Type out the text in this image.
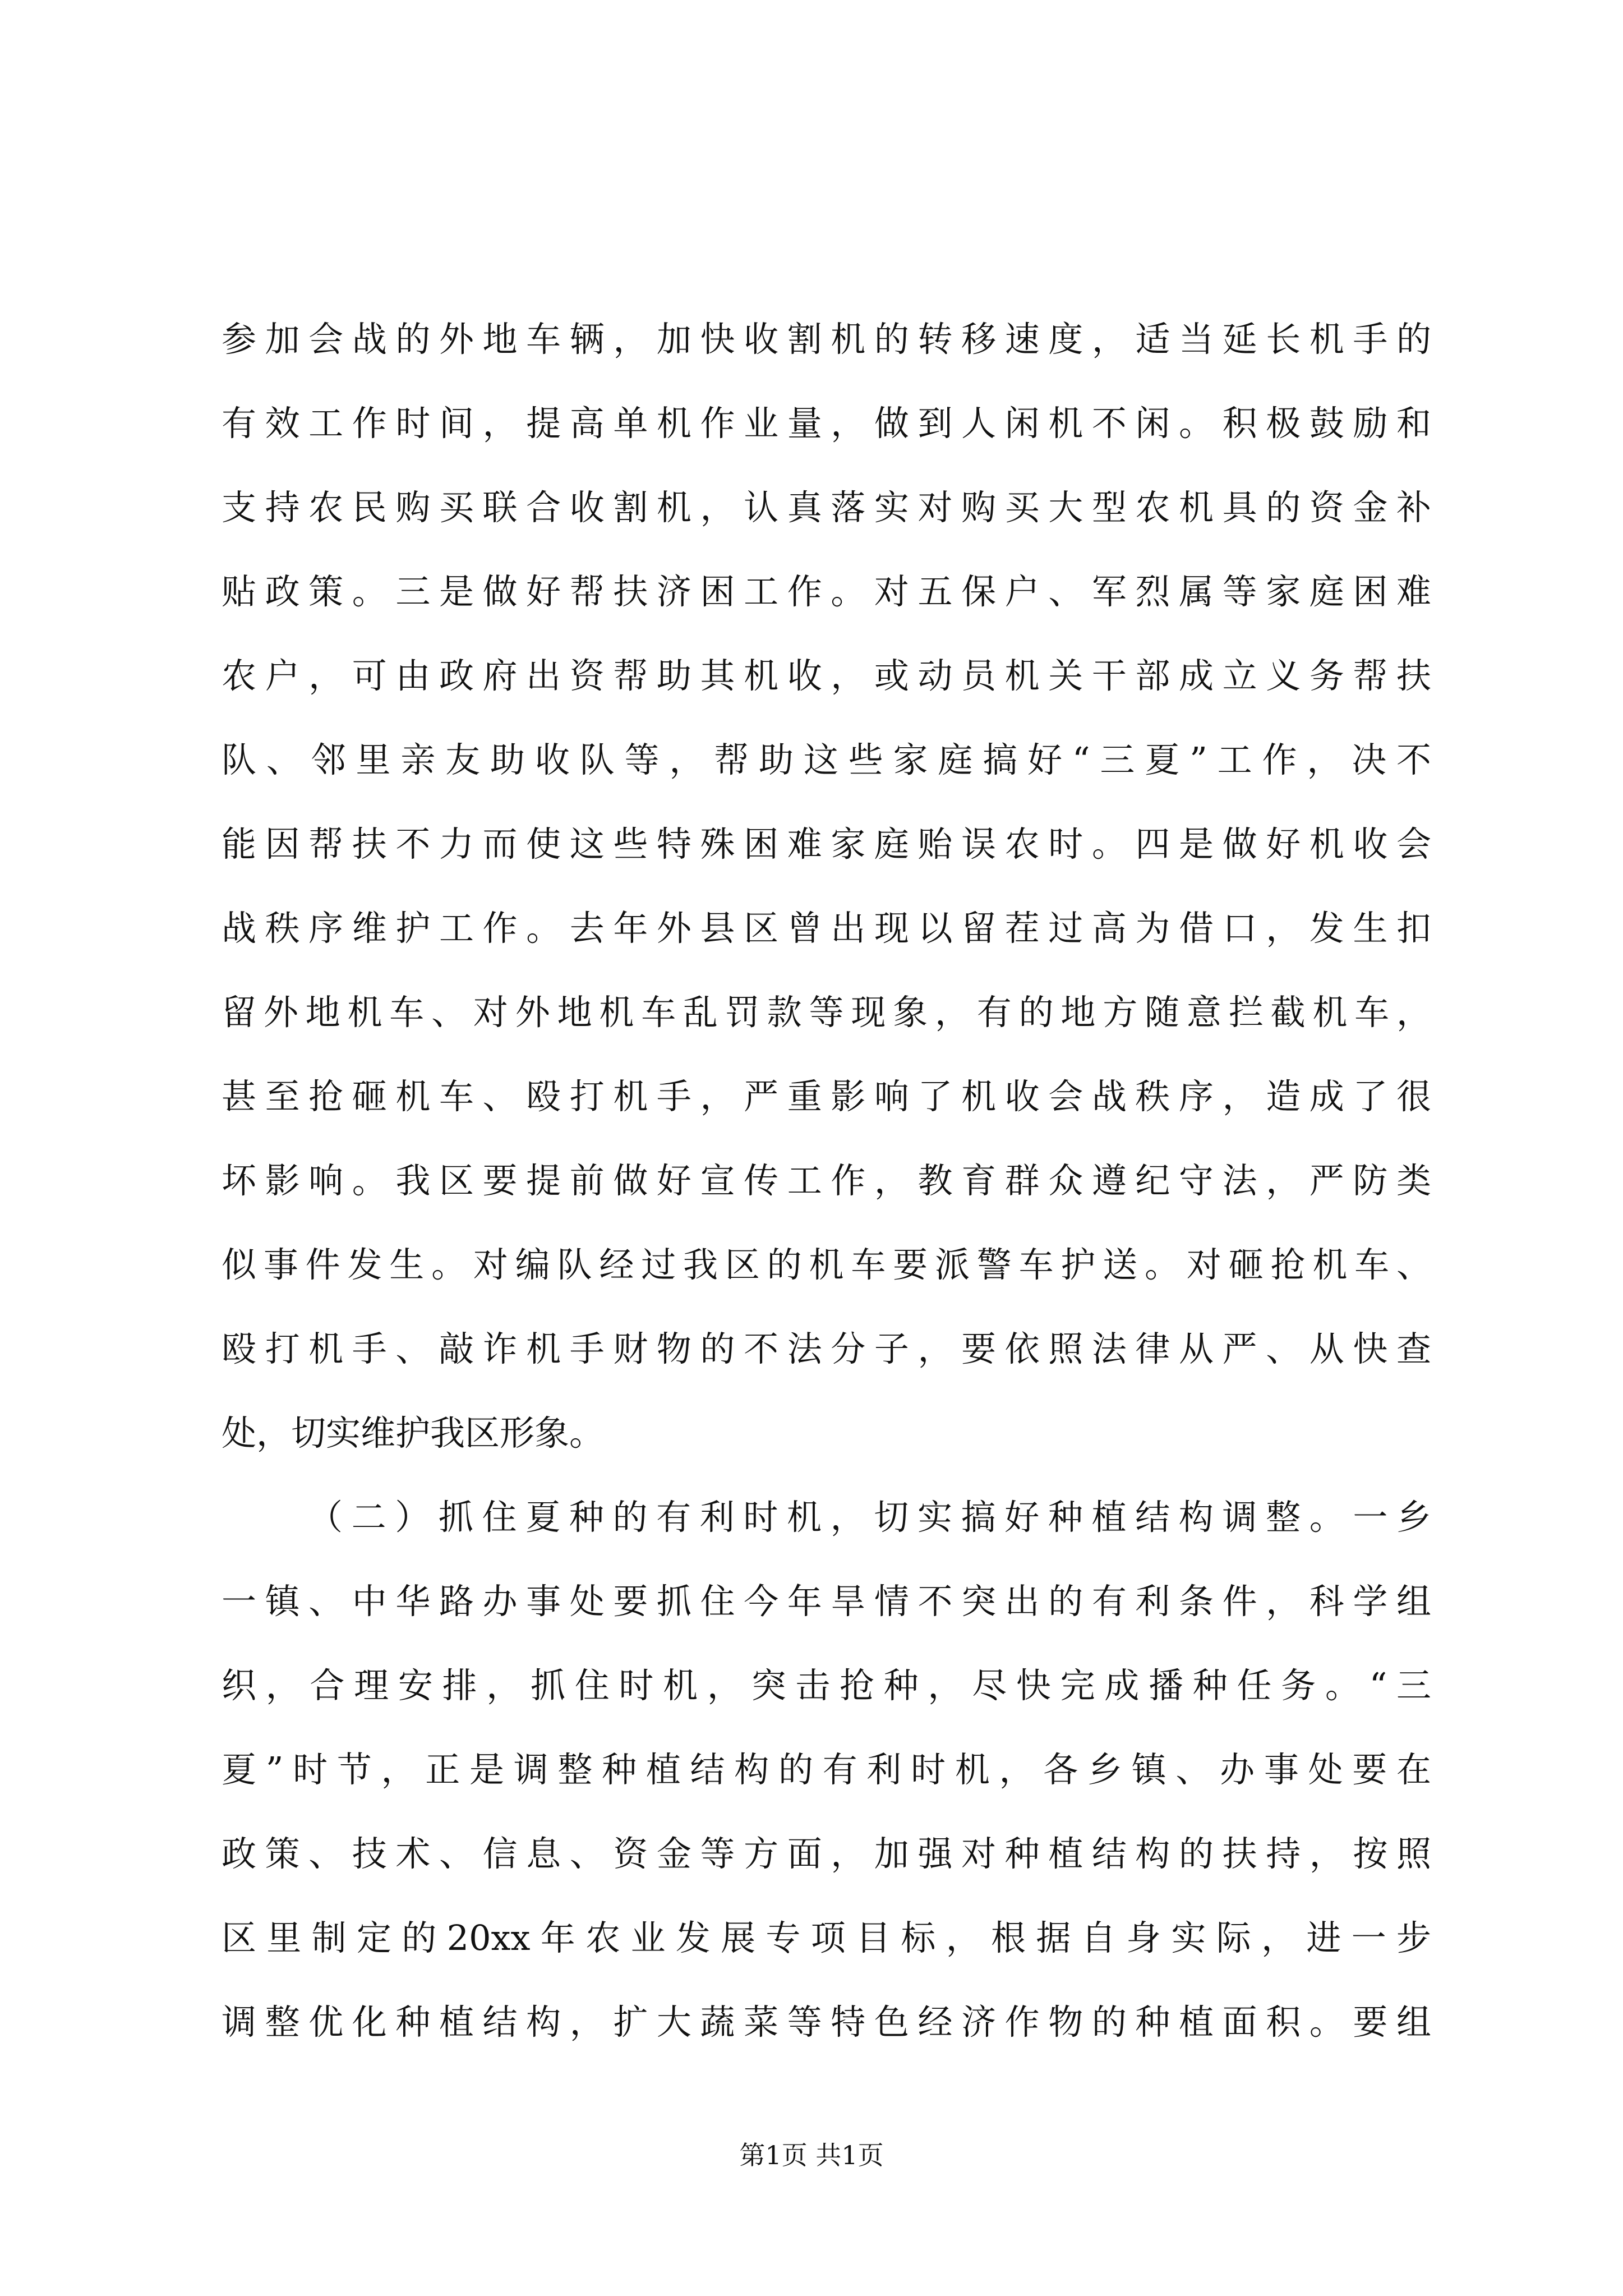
参加会战的外地车辆，加快收割机的转移速度，适当延长机手的
有效工作时间，提高单机作业量，做到人闲机不闲。积极鼓励和
支持农民购买联合收割机，认真落实对购买大型农机具的资金补
贴政策。三是做好帮扶济困工作。对五保户、军烈属等家庭困难
农户，可由政府出资帮助其机收，或动员机关干部成立义务帮扶
队、邻里亲友助收队等，帮助这些家庭搞好“三夏”工作，决不
能因帮扶不力而使这些特殊困难家庭贻误农时。四是做好机收会
战秩序维护工作。去年外县区曾出现以留茬过高为借口，发生扣
留外地机车、对外地机车乱罚款等现象，有的地方随意拦截机车，
甚至抢砸机车、殴打机手，严重影响了机收会战秩序，造成了很
坏影响。我区要提前做好宣传工作，教育群众遵纪守法，严防类
似事件发生。对编队经过我区的机车要派警车护送。对砸抢机车、
殴打机手、敲诈机手财物的不法分子，要依照法律从严、从快查
处，切实维护我区形象。
（二）抓住夏种的有利时机，切实搞好种植结构调整。一乡
一镇、中华路办事处要抓住今年旱情不突出的有利条件，科学组
织，合理安排，抓住时机，突击抢种，尽快完成播种任务。“三
夏”时节，正是调整种植结构的有利时机，各乡镇、办事处要在
政策、技术、信息、资金等方面，加强对种植结构的扶持，按照
区里制定的20xx年农业发展专项目标，根据自身实际，进一步
调整优化种植结构，扩大蔬菜等特色经济作物的种植面积。要组
第1页 共1页
